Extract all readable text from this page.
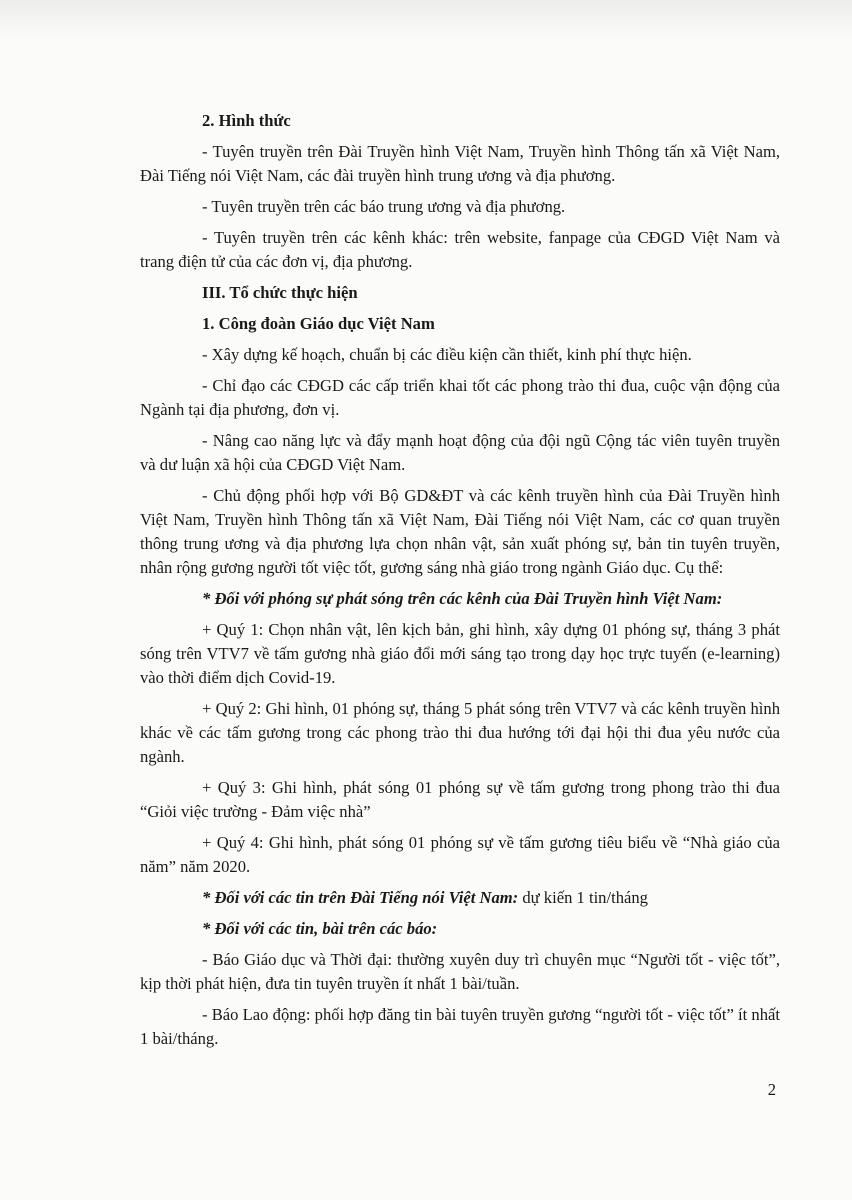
2. Hình thức

- Tuyên truyền trên Đài Truyền hình Việt Nam, Truyền hình Thông tấn xã Việt Nam, Đài Tiếng nói Việt Nam, các đài truyền hình trung ương và địa phương.

- Tuyên truyền trên các báo trung ương và địa phương.

- Tuyên truyền trên các kênh khác: trên website, fanpage của CĐGD Việt Nam và trang điện tử của các đơn vị, địa phương.

III. Tổ chức thực hiện

1. Công đoàn Giáo dục Việt Nam

- Xây dựng kế hoạch, chuẩn bị các điều kiện cần thiết, kinh phí thực hiện.

- Chỉ đạo các CĐGD các cấp triển khai tốt các phong trào thi đua, cuộc vận động của Ngành tại địa phương, đơn vị.

- Nâng cao năng lực và đẩy mạnh hoạt động của đội ngũ Cộng tác viên tuyên truyền và dư luận xã hội của CĐGD Việt Nam.

- Chủ động phối hợp với Bộ GD&ĐT và các kênh truyền hình của Đài Truyền hình Việt Nam, Truyền hình Thông tấn xã Việt Nam, Đài Tiếng nói Việt Nam, các cơ quan truyền thông trung ương và địa phương lựa chọn nhân vật, sản xuất phóng sự, bản tin tuyên truyền, nhân rộng gương người tốt việc tốt, gương sáng nhà giáo trong ngành Giáo dục. Cụ thể:

* Đối với phóng sự phát sóng trên các kênh của Đài Truyền hình Việt Nam:

+ Quý 1: Chọn nhân vật, lên kịch bản, ghi hình, xây dựng 01 phóng sự, tháng 3 phát sóng trên VTV7 về tấm gương nhà giáo đổi mới sáng tạo trong dạy học trực tuyến (e-learning) vào thời điểm dịch Covid-19.

+ Quý 2: Ghi hình, 01 phóng sự, tháng 5 phát sóng trên VTV7 và các kênh truyền hình khác về các tấm gương trong các phong trào thi đua hướng tới đại hội thi đua yêu nước của ngành.

+ Quý 3: Ghi hình, phát sóng 01 phóng sự về tấm gương trong phong trào thi đua “Giỏi việc trường - Đảm việc nhà”

+ Quý 4: Ghi hình, phát sóng 01 phóng sự về tấm gương tiêu biểu về “Nhà giáo của năm” năm 2020.

* Đối với các tin trên Đài Tiếng nói Việt Nam: dự kiến 1 tin/tháng

* Đối với các tin, bài trên các báo:

- Báo Giáo dục và Thời đại: thường xuyên duy trì chuyên mục “Người tốt - việc tốt”, kịp thời phát hiện, đưa tin tuyên truyền ít nhất 1 bài/tuần.

- Báo Lao động: phối hợp đăng tin bài tuyên truyền gương “người tốt - việc tốt” ít nhất 1 bài/tháng.

2
